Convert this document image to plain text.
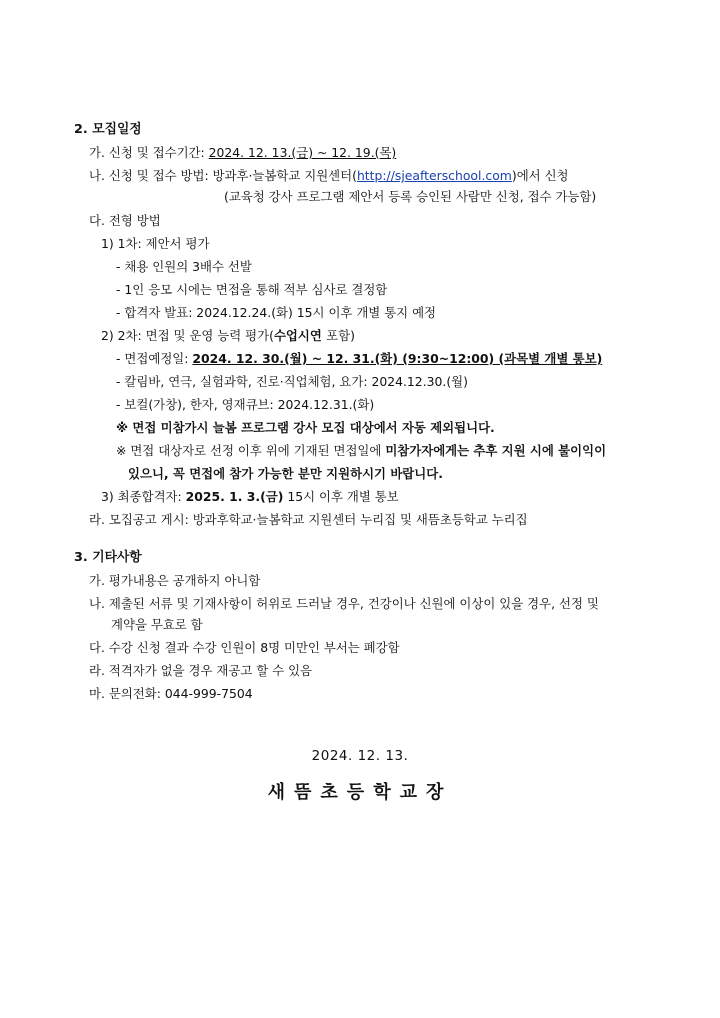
2. 모집일정
가. 신청 및 접수기간: 2024. 12. 13.(금) ~ 12. 19.(목)
나. 신청 및 접수 방법: 방과후·늘봄학교 지원센터(http://sjeafterschool.com)에서 신청
(교육청 강사 프로그램 제안서 등록 승인된 사람만 신청, 접수 가능함)
다. 전형 방법
1) 1차: 제안서 평가
- 채용 인원의 3배수 선발
- 1인 응모 시에는 면접을 통해 적부 심사로 결정함
- 합격자 발표: 2024.12.24.(화) 15시 이후 개별 통지 예정
2) 2차: 면접 및 운영 능력 평가(수업시연 포함)
- 면접예정일: 2024. 12. 30.(월) ~ 12. 31.(화) (9:30~12:00) (과목별 개별 통보)
- 칼림바, 연극, 실험과학, 진로·직업체험, 요가: 2024.12.30.(월)
- 보컬(가창), 한자, 영재큐브: 2024.12.31.(화)
※ 면접 미참가시 늘봄 프로그램 강사 모집 대상에서 자동 제외됩니다.
※ 면접 대상자로 선정 이후 위에 기재된 면접일에 미참가자에게는 추후 지원 시에 불이익이
있으니, 꼭 면접에 참가 가능한 분만 지원하시기 바랍니다.
3) 최종합격자: 2025. 1. 3.(금) 15시 이후 개별 통보
라. 모집공고 게시: 방과후학교·늘봄학교 지원센터 누리집 및 새뜸초등학교 누리집
3. 기타사항
가. 평가내용은 공개하지 아니함
나. 제출된 서류 및 기재사항이 허위로 드러날 경우, 건강이나 신원에 이상이 있을 경우, 선정 및
계약을 무효로 함
다. 수강 신청 결과 수강 인원이 8명 미만인 부서는 폐강함
라. 적격자가 없을 경우 재공고 할 수 있음
마. 문의전화: 044-999-7504
2024. 12. 13.
새뜸초등학교장
